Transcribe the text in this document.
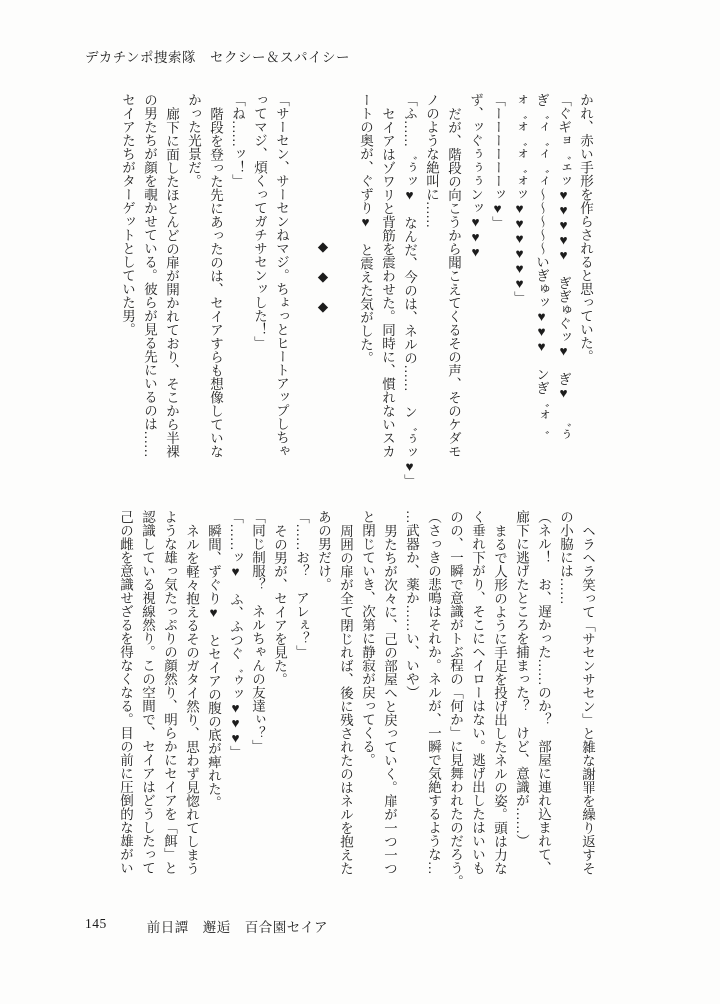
デカチンポ捜索隊　セクシー＆スパイシー

かれ、赤い手形を作らされると思っていた。

「ぐギョ゛ェッ♥♥♥♥♥　ぎぎゅぐッ♥　ぎ♥　゛ぅ

ぎ゛ィ゛ィ゛ィ～～～～～いぎゅッ♥♥♥　ンぎ゛ォ゛

ォ゛ォ゛ォ゛ォッ♥♥♥♥♥♥」

「ーーーーーーッ♥」

ず、ッぐぅぅぅンッ♥♥♥

だが、階段の向こうから聞こえてくるその声、そのケダモ

ノのような絶叫に……

「ふ……゛ぅッ♥　なんだ、今のは、ネルの……　ン゛ぅッ♥」

セイアはゾワリと背筋を震わせた。同時に、慣れないスカ

ートの奥が、ぐずり♥　と震えた気がした。

◆◆◆

「サーセン、サーセンねマジ。ちょっとヒートアップしちゃ

ってマジ、煩くってガチサセンッした！」

「ね……ッ！」

階段を登った先にあったのは、セイアすらも想像していな

かった光景だ。

廊下に面したほとんどの扉が開かれており、そこから半裸

の男たちが顔を覗かせている。彼らが見る先にいるのは……

セイアたちがターゲットとしていた男。

ヘラヘラ笑って「サセンサセン」と雑な謝罪を繰り返すそ

の小脇には……

（ネル！　お、遅かった……のか？　部屋に連れ込まれて、

廊下に逃げたところを捕まった？　けど、意識が……）

まるで人形のように手足を投げ出したネルの姿。頭は力な

く垂れ下がり、そこにヘイローはない。逃げ出したはいいも

のの、一瞬で意識がトぶ程の「何か」に見舞われたのだろう。

（さっきの悲鳴はそれか。ネルが、一瞬で気絶するような…

…武器か、薬か……い、いや）

男たちが次々に、己の部屋へと戻っていく。扉が一つ一つ

と閉じていき、次第に静寂が戻ってくる。

周囲の扉が全て閉じれば、後に残されたのはネルを抱えた

あの男だけ。

「……お？　アレぇ？」

その男が、セイアを見た。

「同じ制服？　ネルちゃんの友達ぃ？」

「……ッ♥　ふ、ふつぐ゛ゥッ♥♥♥」

瞬間、ずぐり♥　とセイアの腹の底が痺れた。

ネルを軽々抱えるそのガタイ然り、思わず見惚れてしまう

ような雄っ気たっぷりの顔然り、明らかにセイアを「餌」と

認識している視線然り。この空間で、セイアはどうしたって

己の雌を意識せざるを得なくなる。目の前に圧倒的な雄がい

145	前日譚　邂逅　百合園セイア
